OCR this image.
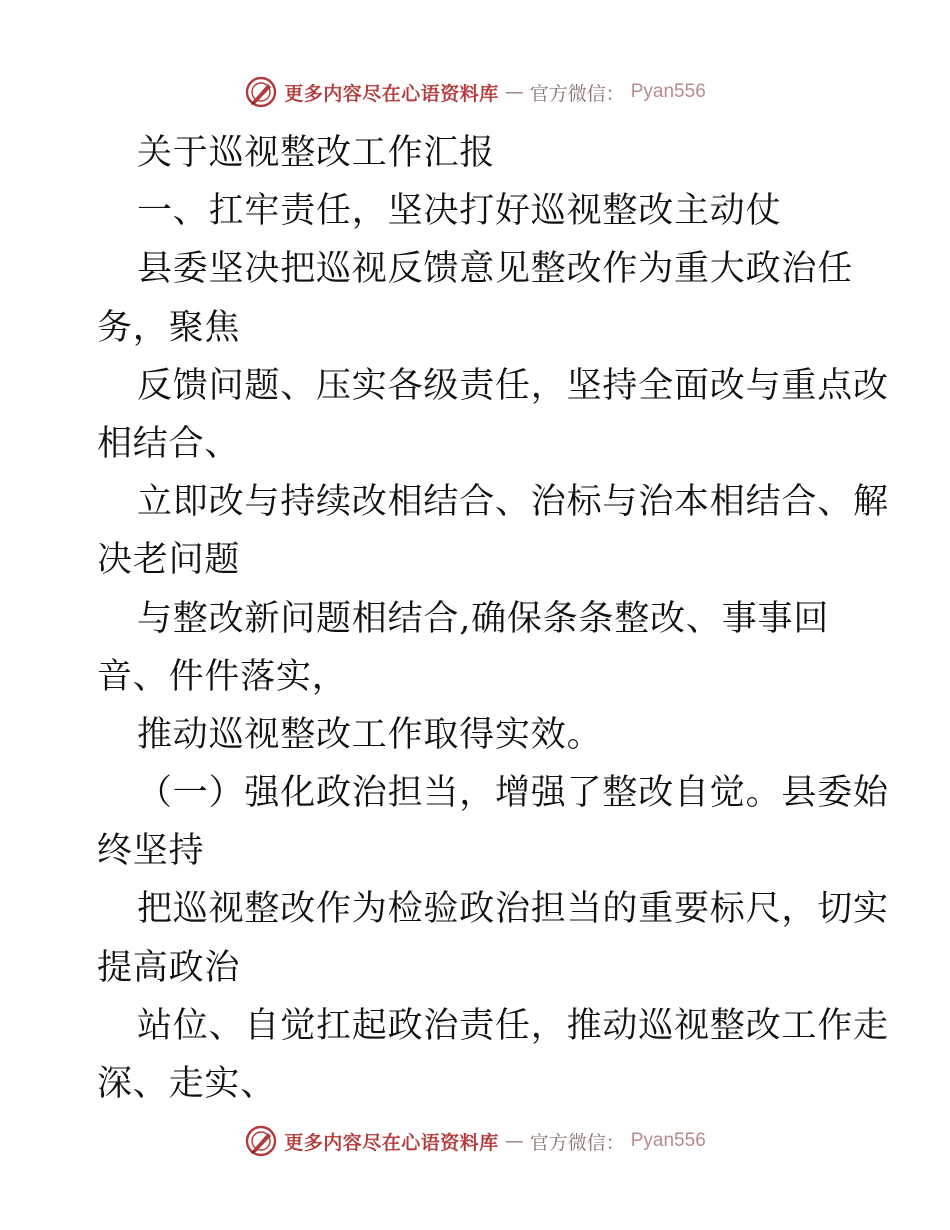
更多内容尽在心语资料库 — 官方微信： Pyan556
关于巡视整改工作汇报
一、扛牢责任，坚决打好巡视整改主动仗
县委坚决把巡视反馈意见整改作为重大政治任
务，聚焦
反馈问题、压实各级责任，坚持全面改与重点改
相结合、
立即改与持续改相结合、治标与治本相结合、解
决老问题
与整改新问题相结合,确保条条整改、事事回
音、件件落实，
推动巡视整改工作取得实效。
（一）强化政治担当，增强了整改自觉。县委始
终坚持
把巡视整改作为检验政治担当的重要标尺，切实
提高政治
站位、自觉扛起政治责任，推动巡视整改工作走
深、走实、
更多内容尽在心语资料库 — 官方微信： Pyan556
